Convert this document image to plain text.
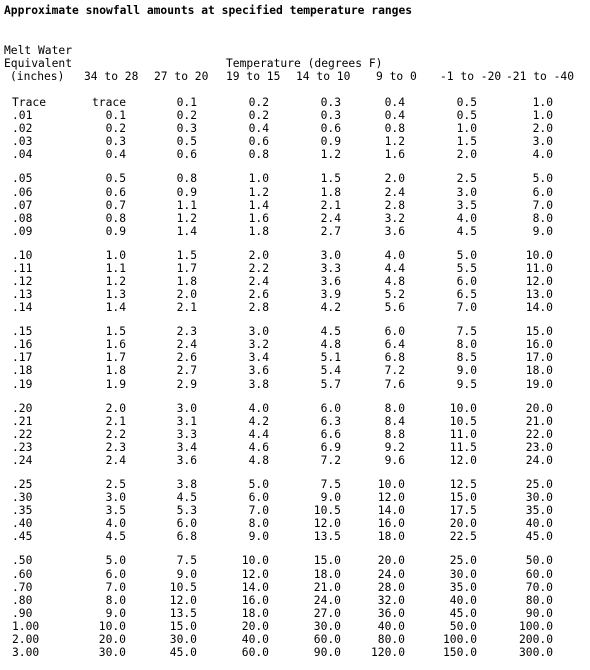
Approximate snowfall amounts at specified temperature ranges
Melt Water
Equivalent
(inches)
Temperature (degrees F)
34 to 28 27 to 20 19 to 15 14 to 10 9 to 0 -1 to -20 -21 to -40
Trace	trace	0.1	0.2	0.3	0.4	0.5	1.0
.01	0.1	0.2	0.2	0.3	0.4	0.5	1.0
.02	0.2	0.3	0.4	0.6	0.8	1.0	2.0
.03	0.3	0.5	0.6	0.9	1.2	1.5	3.0
.04	0.4	0.6	0.8	1.2	1.6	2.0	4.0
.05	0.5	0.8	1.0	1.5	2.0	2.5	5.0
.06	0.6	0.9	1.2	1.8	2.4	3.0	6.0
.07	0.7	1.1	1.4	2.1	2.8	3.5	7.0
.08	0.8	1.2	1.6	2.4	3.2	4.0	8.0
.09	0.9	1.4	1.8	2.7	3.6	4.5	9.0
.10	1.0	1.5	2.0	3.0	4.0	5.0	10.0
.11	1.1	1.7	2.2	3.3	4.4	5.5	11.0
.12	1.2	1.8	2.4	3.6	4.8	6.0	12.0
.13	1.3	2.0	2.6	3.9	5.2	6.5	13.0
.14	1.4	2.1	2.8	4.2	5.6	7.0	14.0
.15	1.5	2.3	3.0	4.5	6.0	7.5	15.0
.16	1.6	2.4	3.2	4.8	6.4	8.0	16.0
.17	1.7	2.6	3.4	5.1	6.8	8.5	17.0
.18	1.8	2.7	3.6	5.4	7.2	9.0	18.0
.19	1.9	2.9	3.8	5.7	7.6	9.5	19.0
.20	2.0	3.0	4.0	6.0	8.0	10.0	20.0
.21	2.1	3.1	4.2	6.3	8.4	10.5	21.0
.22	2.2	3.3	4.4	6.6	8.8	11.0	22.0
.23	2.3	3.4	4.6	6.9	9.2	11.5	23.0
.24	2.4	3.6	4.8	7.2	9.6	12.0	24.0
.25	2.5	3.8	5.0	7.5	10.0	12.5	25.0
.30	3.0	4.5	6.0	9.0	12.0	15.0	30.0
.35	3.5	5.3	7.0	10.5	14.0	17.5	35.0
.40	4.0	6.0	8.0	12.0	16.0	20.0	40.0
.45	4.5	6.8	9.0	13.5	18.0	22.5	45.0
.50	5.0	7.5	10.0	15.0	20.0	25.0	50.0
.60	6.0	9.0	12.0	18.0	24.0	30.0	60.0
.70	7.0	10.5	14.0	21.0	28.0	35.0	70.0
.80	8.0	12.0	16.0	24.0	32.0	40.0	80.0
.90	9.0	13.5	18.0	27.0	36.0	45.0	90.0
1.00	10.0	15.0	20.0	30.0	40.0	50.0	100.0
2.00	20.0	30.0	40.0	60.0	80.0	100.0	200.0
3.00	30.0	45.0	60.0	90.0	120.0	150.0	300.0
